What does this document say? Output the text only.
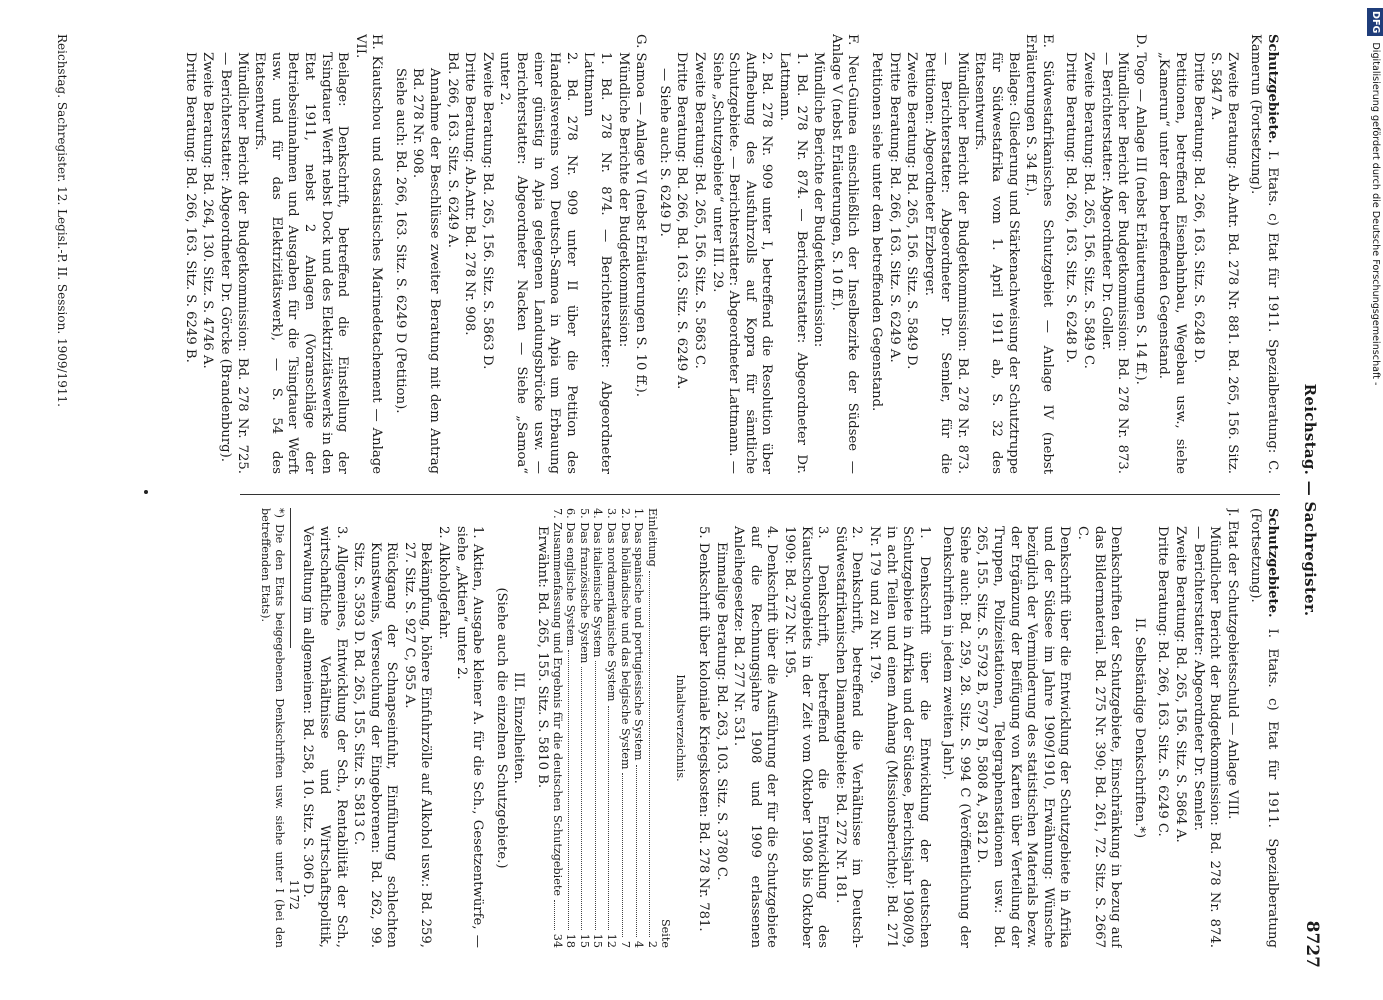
Reichstag. — Sachregister.
8727
Schutzgebiete. I. Etats. c) Etat für 1911. Spezialberatung: C. Kamerun (Fortsetzung).
Zweite Beratung: Ab.Antr. Bd. 278 Nr. 881. Bd. 265, 156. Sitz. S. 5847 A.
Dritte Beratung: Bd. 266, 163. Sitz. S. 6248 D.
Petitionen, betreffend Eisenbahnbau, Wegebau usw., siehe „Kamerun“ unter dem betreffenden Gegenstand.
D. Togo — Anlage III (nebst Erläuterungen S. 14 ff.).
Mündlicher Bericht der Budgetkommission: Bd. 278 Nr. 873. — Berichterstatter: Abgeordneter Dr. Goller.
Zweite Beratung: Bd. 265, 156. Sitz. S. 5849 C.
Dritte Beratung: Bd. 266, 163. Sitz. S. 6248 D.
E. Südwestafrikanisches Schutzgebiet — Anlage IV (nebst Erläuterungen S. 34 ff.).
Beilage: Gliederung und Stärkenachweisung der Schutztruppe für Südwestafrika vom 1. April 1911 ab, S. 32 des Etatsentwurfs.
Mündlicher Bericht der Budgetkommission: Bd. 278 Nr. 873. — Berichterstatter: Abgeordneter Dr. Semler, für die Petitionen: Abgeordneter Erzberger.
Zweite Beratung: Bd. 265, 156. Sitz. S. 5849 D.
Dritte Beratung: Bd. 266, 163. Sitz. S. 6249 A.
Petitionen siehe unter dem betreffenden Gegenstand.
F. Neu-Guinea einschließlich der Inselbezirke der Südsee — Anlage V (nebst Erläuterungen, S. 10 ff.).
Mündliche Berichte der Budgetkommission:
1. Bd. 278 Nr. 874. — Berichterstatter: Abgeordneter Dr. Lattmann.
2. Bd. 278 Nr. 909 unter I, betreffend die Resolution über Aufhebung des Ausfuhrzolls auf Kopra für sämtliche Schutzgebiete. — Berichterstatter: Abgeordneter Lattmann. — Siehe „Schutzgebiete“ unter III. 29.
Zweite Beratung: Bd. 265, 156. Sitz. S. 5863 C.
Dritte Beratung: Bd. 266, Bd. 163. Sitz. S. 6249 A.
— Siehe auch: S. 6249 D.
G. Samoa — Anlage VI (nebst Erläuterungen S. 10 ff.).
Mündliche Berichte der Budgetkommission:
1. Bd. 278 Nr. 874. — Berichterstatter: Abgeordneter Lattmann
2. Bd. 278 Nr. 909 unter II über die Petition des Handelsvereins von Deutsch-Samoa in Apia um Erbauung einer günstig in Apia gelegenen Landungsbrücke usw. — Berichterstatter: Abgeordneter Nacken — Siehe „Samoa“ unter 2.
Zweite Beratung: Bd. 265, 156. Sitz. S. 5863 D.
Dritte Beratung: Ab.Antr. Bd. 278 Nr. 908.
Bd. 266, 163. Sitz. S. 6249 A.
Annahme der Beschlüsse zweiter Beratung mit dem Antrag Bd. 278 Nr. 908.
Siehe auch: Bd. 266, 163. Sitz. S. 6249 D (Petition).
H. Kiautschou und ostasiatisches Marinedetachement — Anlage VII.
Beilage: Denkschrift, betreffend die Einstellung der Tsingtauer Werft nebst Dock und des Elektrizitätswerks in den Etat 1911, nebst 2 Anlagen (Voranschläge der Betriebseinnahmen und Ausgaben für die Tsingtauer Werft usw. und für das Elektrizitätswerk), — S. 54 des Etatsentwurfs.
Mündlicher Bericht der Budgetkommission: Bd. 278 Nr. 725. — Berichterstatter: Abgeordneter Dr. Görcke (Brandenburg).
Zweite Beratung: Bd. 264, 130. Sitz. S. 4746 A.
Dritte Beratung: Bd. 266, 163. Sitz. S. 6249 B.
Schutzgebiete. I. Etats. c) Etat für 1911. Spezialberatung (Fortsetzung).
J. Etat der Schutzgebietsschuld — Anlage VIII.
Mündlicher Bericht der Budgetkommission: Bd. 278 Nr. 874. — Berichterstatter: Abgeordneter Dr. Semler.
Zweite Beratung: Bd. 265, 156. Sitz. S. 5864 A.
Dritte Beratung: Bd. 266, 163. Sitz. S. 6249 C.
II. Selbständige Denkschriften.*)
Denkschriften der Schutzgebiete, Einschränkung in bezug auf das Bildermaterial. Bd. 275 Nr. 390; Bd. 261, 72. Sitz. S. 2667 C.
Denkschrift über die Entwicklung der Schutzgebiete in Afrika und der Südsee im Jahre 1909/1910, Erwähnung: Wünsche bezüglich der Verminderung des statistischen Materials bezw. der Ergänzung der Beifügung von Karten über Verteilung der Truppen, Polizeistationen, Telegraphenstationen usw.: Bd. 265, 155. Sitz. S. 5792 B, 5797 B, 5808 A, 5812 D.
Siehe auch: Bd. 259, 28. Sitz. S. 994 C (Veröffentlichung der Denkschriften in jedem zweiten Jahr).
1. Denkschrift über die Entwicklung der deutschen Schutzgebiete in Afrika und der Südsee, Berichtsjahr 1908/09, in acht Teilen und einem Anhang (Missionsberichte): Bd. 271 Nr. 179 und zu Nr. 179.
2. Denkschrift, betreffend die Verhältnisse im Deutsch-Südwestafrikanischen Diamantgebiete: Bd. 272 Nr. 181.
3. Denkschrift, betreffend die Entwicklung des Kiautschougebiets in der Zeit vom Oktober 1908 bis Oktober 1909: Bd. 272 Nr. 195.
4. Denkschrift über die Ausführung der für die Schutzgebiete auf die Rechnungsjahre 1908 und 1909 erlassenen Anleihegesetze: Bd. 277 Nr. 531.
Einmalige Beratung: Bd. 263, 103. Sitz. S. 3780 C.
5. Denkschrift über koloniale Kriegskosten: Bd. 278 Nr. 781.
Inhaltsverzeichnis.
Seite
Einleitung
2
1. Das spanische und portugiesische System
4
2. Das holländische und das belgische System
7
3. Das nordamerikanische System
12
4. Das italienische System
15
5. Das französische System
15
6. Das englische System
18
7. Zusammenfassung und Ergebnis für die deutschen Schutzgebiete
34
Erwähnt: Bd. 265, 155. Sitz. S. 5810 B.
III. Einzelheiten.
(Siehe auch die einzelnen Schutzgebiete.)
1. Aktien, Ausgabe kleiner A. für die Sch., Gesetzentwürfe, — siehe „Aktien“ unter 2.
2. Alkoholgefahr.
Bekämpfung, höhere Einfuhrzölle auf Alkohol usw.: Bd. 259, 27. Sitz. S. 927 C, 955 A.
Rückgang der Schnapseinfuhr, Einführung schlechten Kunstweins, Verseuchung der Eingeborenen: Bd. 262, 99. Sitz. S. 3593 D. Bd. 265, 155. Sitz. S. 5813 C.
3. Allgemeines, Entwicklung der Sch., Rentabilität der Sch., wirtschaftliche Verhältnisse und Wirtschaftspolitik, Verwaltung im allgemeinen: Bd. 258, 10. Sitz. S. 306 D.
*) Die den Etats beigegebenen Denkschriften usw. siehe unter I (bei den betreffenden Etats).
1172
Reichstag. Sachregister. 12. Legisl.-P. II. Session. 1909/1911.
DFGDigitalisierung gefördert durch die Deutsche Forschungsgemeinschaft -
